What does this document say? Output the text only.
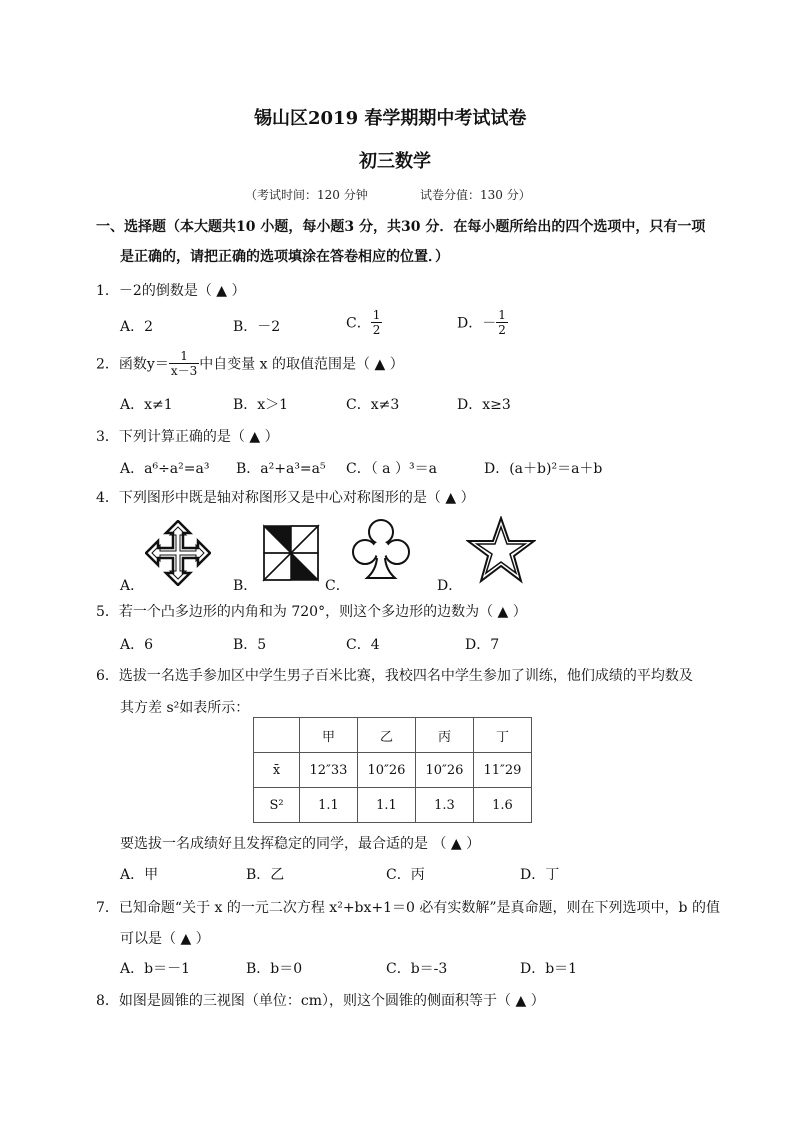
锡山区2019 春学期期中考试试卷
初三数学
（考试时间：120 分钟	试卷分值：130 分）
一、选择题（本大题共10 小题，每小题3 分，共30 分．在每小题所给出的四个选项中，只有一项
是正确的，请把正确的选项填涂在答卷相应的位置．）
1．－2的倒数是（ ▲ ）
A．2	B．－2	C． $\frac{1}{2}$	D．－ $\frac{1}{2}$
2．函数$y= \frac{1}{x-3}$ 中自变量 x 的取值范围是（ ▲ ）
A．x≠1	B．x＞1	C．x≠3	D．x≥3
3．下列计算正确的是（ ▲ ）
A．a⁶÷a²=a³ B．a²+a³=a⁵ C．（ a ）³＝a	D．(a＋b)²＝a＋b
4．下列图形中既是轴对称图形又是中心对称图形的是（ ▲ ）
A．	B．	C．	D．
5．若一个凸多边形的内角和为 720°，则这个多边形的边数为（ ▲ ）
A．6	B．5	C．4	D．7
6．选拔一名选手参加区中学生男子百米比赛，我校四名中学生参加了训练，他们成绩的平均数及
其方差 s²如表所示：
	甲	乙	丙	丁
x̄	12″33	10″26	10″26	11″29
S²	1.1	1.1	1.3	1.6
要选拔一名成绩好且发挥稳定的同学，最合适的是 （ ▲ ）
A．甲	B．乙	C．丙	D．丁
7．已知命题“关于 x 的一元二次方程 x²+bx+1＝0 必有实数解”是真命题，则在下列选项中，b 的值
可以是（ ▲ ）
A．b＝－1	B．b＝0	C．b＝-3	D．b＝1
8．如图是圆锥的三视图（单位：cm），则这个圆锥的侧面积等于（ ▲ ）
